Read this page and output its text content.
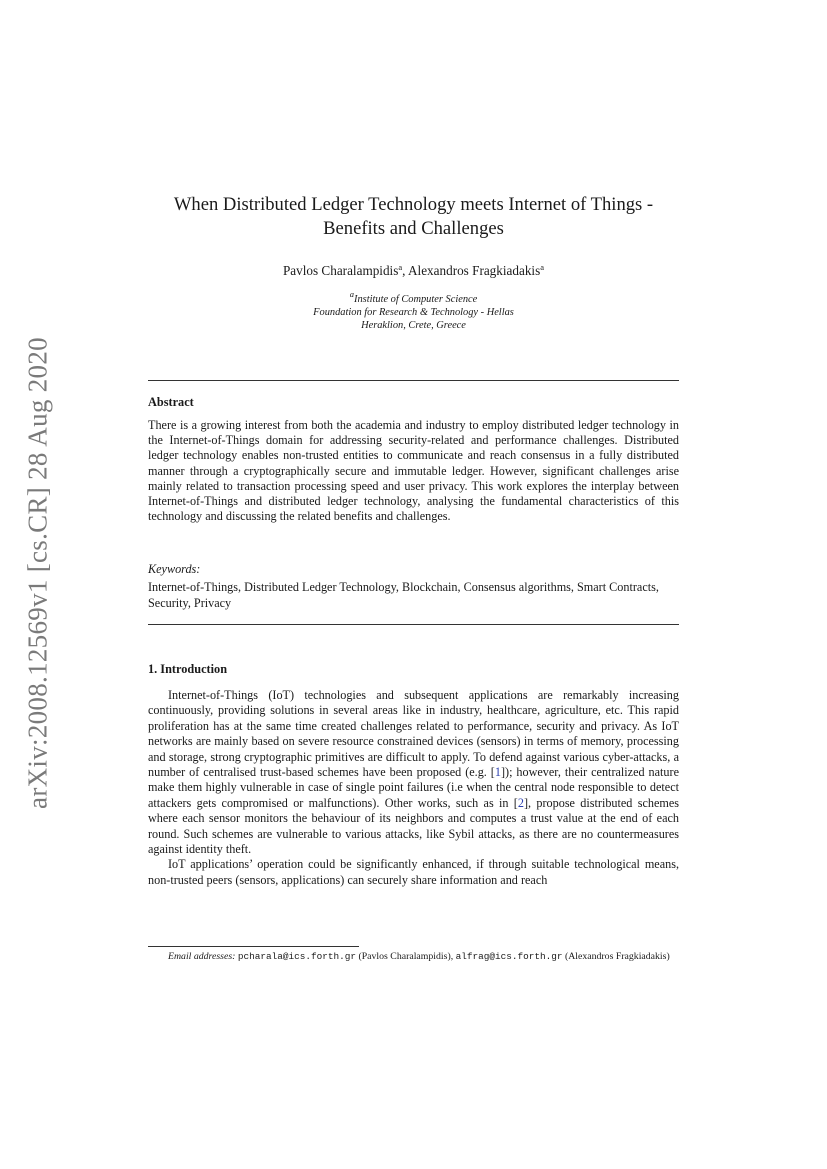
arXiv:2008.12569v1 [cs.CR] 28 Aug 2020
When Distributed Ledger Technology meets Internet of Things -
Benefits and Challenges
Pavlos Charalampidis$^a$, Alexandros Fragkiadakis$^a$
$^a$Institute of Computer Science
Foundation for Research & Technology - Hellas
Heraklion, Crete, Greece
Abstract

There is a growing interest from both the academia and industry to employ distributed ledger technology in the Internet-of-Things domain for addressing security-related and performance challenges. Distributed ledger technology enables non-trusted entities to communicate and reach consensus in a fully distributed manner through a cryptographically secure and immutable ledger. However, significant challenges arise mainly related to transaction processing speed and user privacy. This work explores the interplay between Internet-of-Things and distributed ledger technology, analysing the fundamental characteristics of this technology and discussing the related benefits and challenges.

Keywords:

Internet-of-Things, Distributed Ledger Technology, Blockchain, Consensus algorithms, Smart Contracts, Security, Privacy

1. Introduction

Internet-of-Things (IoT) technologies and subsequent applications are remarkably increasing continuously, providing solutions in several areas like in industry, healthcare, agriculture, etc. This rapid proliferation has at the same time created challenges related to performance, security and privacy. As IoT networks are mainly based on severe resource constrained devices (sensors) in terms of memory, processing and storage, strong cryptographic primitives are difficult to apply. To defend against various cyber-attacks, a number of centralised trust-based schemes have been proposed (e.g. [1]); however, their centralized nature make them highly vulnerable in case of single point failures (i.e when the central node responsible to detect attackers gets compromised or malfunctions). Other works, such as in [2], propose distributed schemes where each sensor monitors the behaviour of its neighbors and computes a trust value at the end of each round. Such schemes are vulnerable to various attacks, like Sybil attacks, as there are no countermeasures against identity theft.

IoT applications’ operation could be significantly enhanced, if through suitable technological means, non-trusted peers (sensors, applications) can securely share information and reach

Email addresses: pcharala@ics.forth.gr (Pavlos Charalampidis), alfrag@ics.forth.gr (Alexandros Fragkiadakis)
